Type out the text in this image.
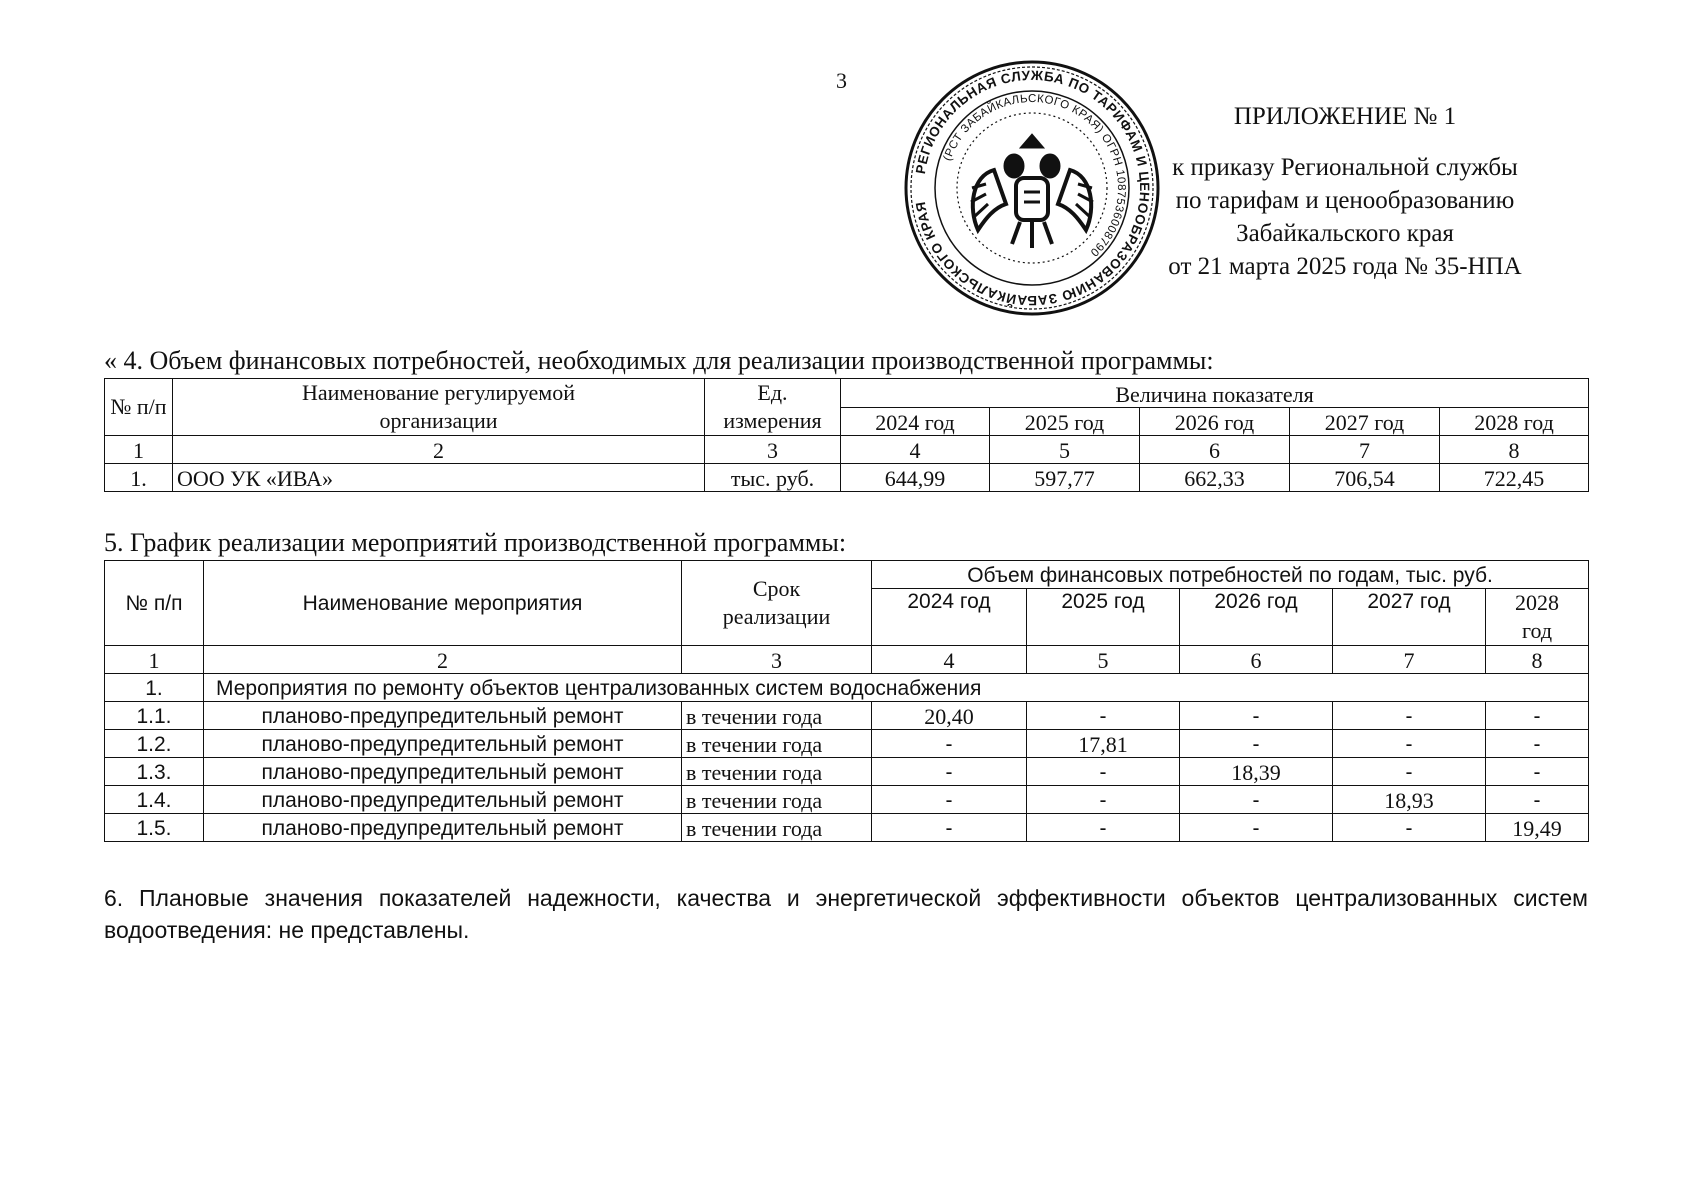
3
РЕГИОНАЛЬНАЯ СЛУЖБА ПО ТАРИФАМ И ЦЕНООБРАЗОВАНИЮ ЗАБАЙКАЛЬСКОГО КРАЯ
(РСТ ЗАБАЙКАЛЬСКОГО КРАЯ) ОГРН 1087536008790
ПРИЛОЖЕНИЕ № 1
к приказу Региональной службы
по тарифам и ценообразованию
Забайкальского края
от 21 марта 2025 года № 35-НПА
« 4. Объем финансовых потребностей, необходимых для реализации производственной программы:
№ п/п	Наименование регулируемой организации	Ед. измерения	Величина показателя				
			2024 год	2025 год	2026 год	2027 год	2028 год
1	2	3	4	5	6	7	8
1.	ООО УК «ИВА»	тыс. руб.	644,99	597,77	662,33	706,54	722,45
5. График реализации мероприятий производственной программы:
№ п/п	Наименование мероприятия	Срок реализации	Объем финансовых потребностей по годам, тыс. руб.				
			2024 год	2025 год	2026 год	2027 год	2028 год
1	2	3	4	5	6	7	8
1.	Мероприятия по ремонту объектов централизованных систем водоснабжения						
1.1.	планово-предупредительный ремонт	в течении года	20,40	-	-	-	-
1.2.	планово-предупредительный ремонт	в течении года	-	17,81	-	-	-
1.3.	планово-предупредительный ремонт	в течении года	-	-	18,39	-	-
1.4.	планово-предупредительный ремонт	в течении года	-	-	-	18,93	-
1.5.	планово-предупредительный ремонт	в течении года	-	-	-	-	19,49
6. Плановые значения показателей надежности, качества и энергетической эффективности объектов централизованных систем водоотведения: не представлены.
